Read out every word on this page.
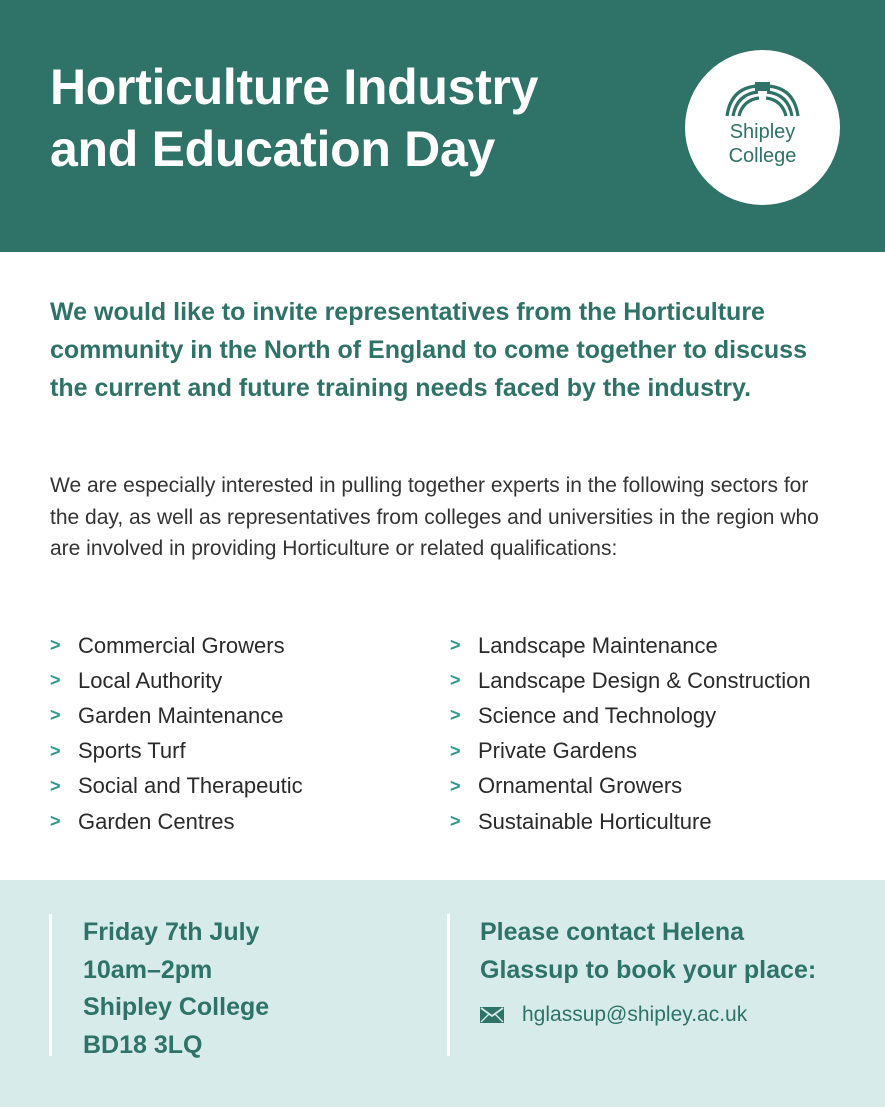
Horticulture Industry
and Education Day	Shipley
College
We would like to invite representatives from the Horticulture community in the North of England to come together to discuss the current and future training needs faced by the industry.
We are especially interested in pulling together experts in the following sectors for the day, as well as representatives from colleges and universities in the region who are involved in providing Horticulture or related qualifications:
> Commercial Growers
> Local Authority
> Garden Maintenance
> Sports Turf
> Social and Therapeutic
> Garden Centres
> Landscape Maintenance
> Landscape Design & Construction
> Science and Technology
> Private Gardens
> Ornamental Growers
> Sustainable Horticulture
Friday 7th July
10am–2pm
Shipley College
BD18 3LQ
Please contact Helena
Glassup to book your place:
hglassup@shipley.ac.uk
